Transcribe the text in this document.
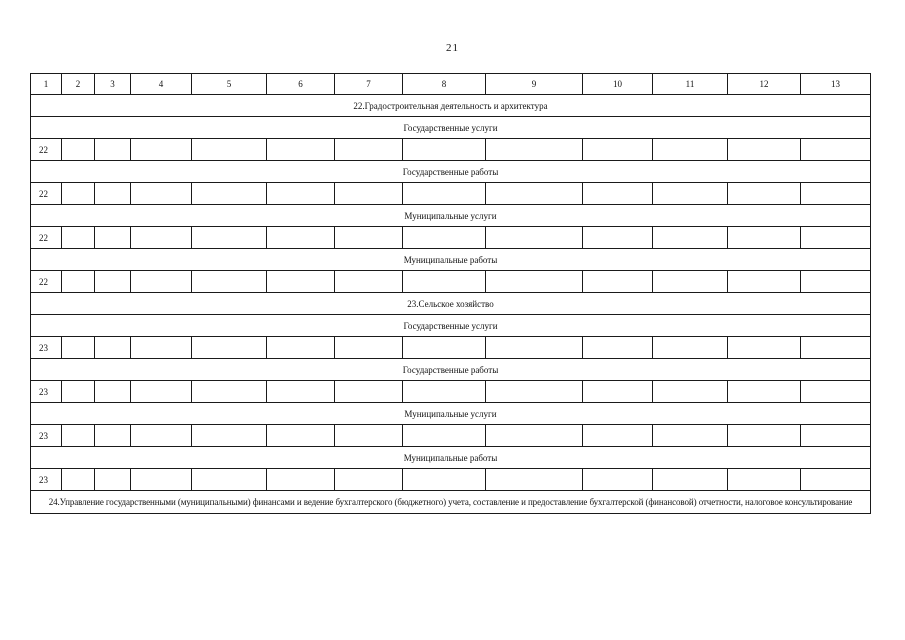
21
1	2	3	4	5	6	7	8	9	10	11	12	13
22.Градостроительная деятельность и архитектура												
Государственные услуги												
22												
Государственные работы												
22												
Муниципальные услуги												
22												
Муниципальные работы												
22												
23.Сельское хозяйство												
Государственные услуги												
23												
Государственные работы												
23												
Муниципальные услуги												
23												
Муниципальные работы												
23												
24.Управление государственными (муниципальными) финансами и ведение бухгалтерского (бюджетного) учета, составление и предоставление бухгалтерской (финансовой) отчетности, налоговое консультирование												
